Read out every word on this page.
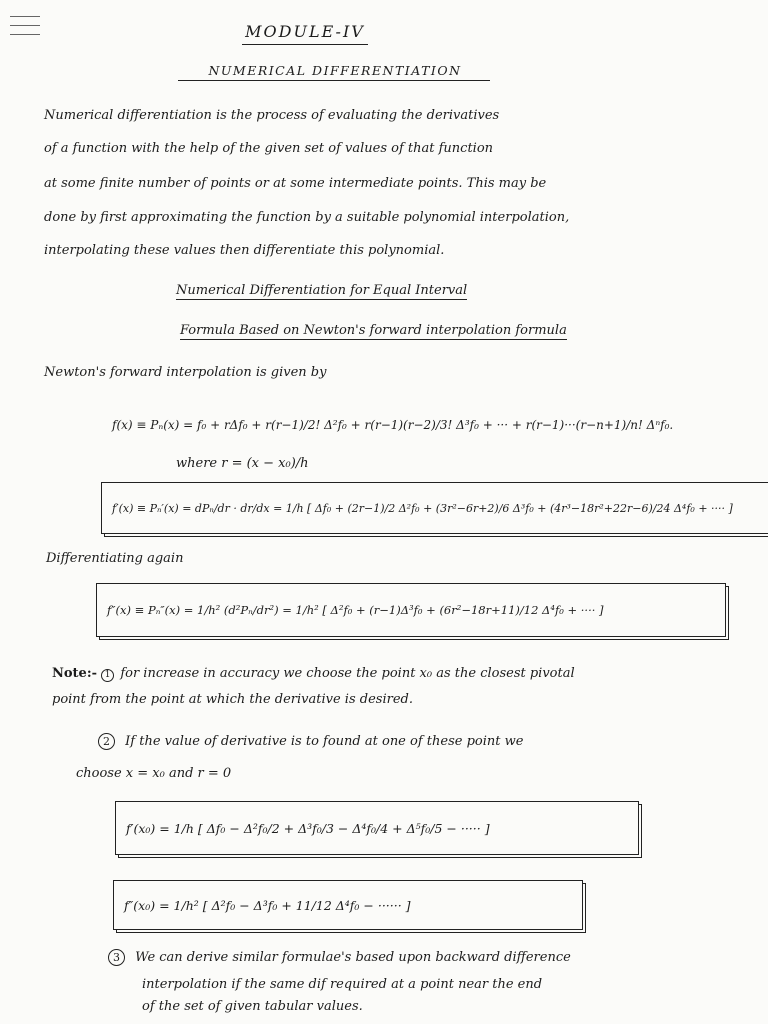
MODULE-IV
NUMERICAL DIFFERENTIATION
Numerical differentiation is the process of evaluating the derivatives
of a function with the help of the given set of values of that function
at some finite number of points or at some intermediate points. This may be
done by first approximating the function by a suitable polynomial interpolation,
interpolating these values then differentiate this polynomial.
Numerical Differentiation for Equal Interval
Formula Based on Newton's forward interpolation formula
Newton's forward interpolation is given by
f(x) ≡ Pₙ(x) = f₀ + rΔf₀ + r(r−1)/2! Δ²f₀ + r(r−1)(r−2)/3! Δ³f₀ + ··· + r(r−1)···(r−n+1)/n! Δⁿf₀.
where r = (x − x₀)/h
f′(x) ≡ Pₙ′(x) = dPₙ/dr · dr/dx = 1/h [ Δf₀ + (2r−1)/2 Δ²f₀ + (3r²−6r+2)/6 Δ³f₀ + (4r³−18r²+22r−6)/24 Δ⁴f₀ + ···· ]
Differentiating again
f″(x) ≡ Pₙ″(x) = 1/h² (d²Pₙ/dr²) = 1/h² [ Δ²f₀ + (r−1)Δ³f₀ + (6r²−18r+11)/12 Δ⁴f₀ + ···· ]
Note:- 1 for increase in accuracy we choose the point x₀ as the closest pivotal
point from the point at which the derivative is desired.
2 If the value of derivative is to found at one of these point we
choose x = x₀ and r = 0
f′(x₀) = 1/h [ Δf₀ − Δ²f₀/2 + Δ³f₀/3 − Δ⁴f₀/4 + Δ⁵f₀/5 − ····· ]
f″(x₀) = 1/h² [ Δ²f₀ − Δ³f₀ + 11/12 Δ⁴f₀ − ······ ]
3 We can derive similar formulae's based upon backward difference
interpolation if the same dif required at a point near the end
of the set of given tabular values.
